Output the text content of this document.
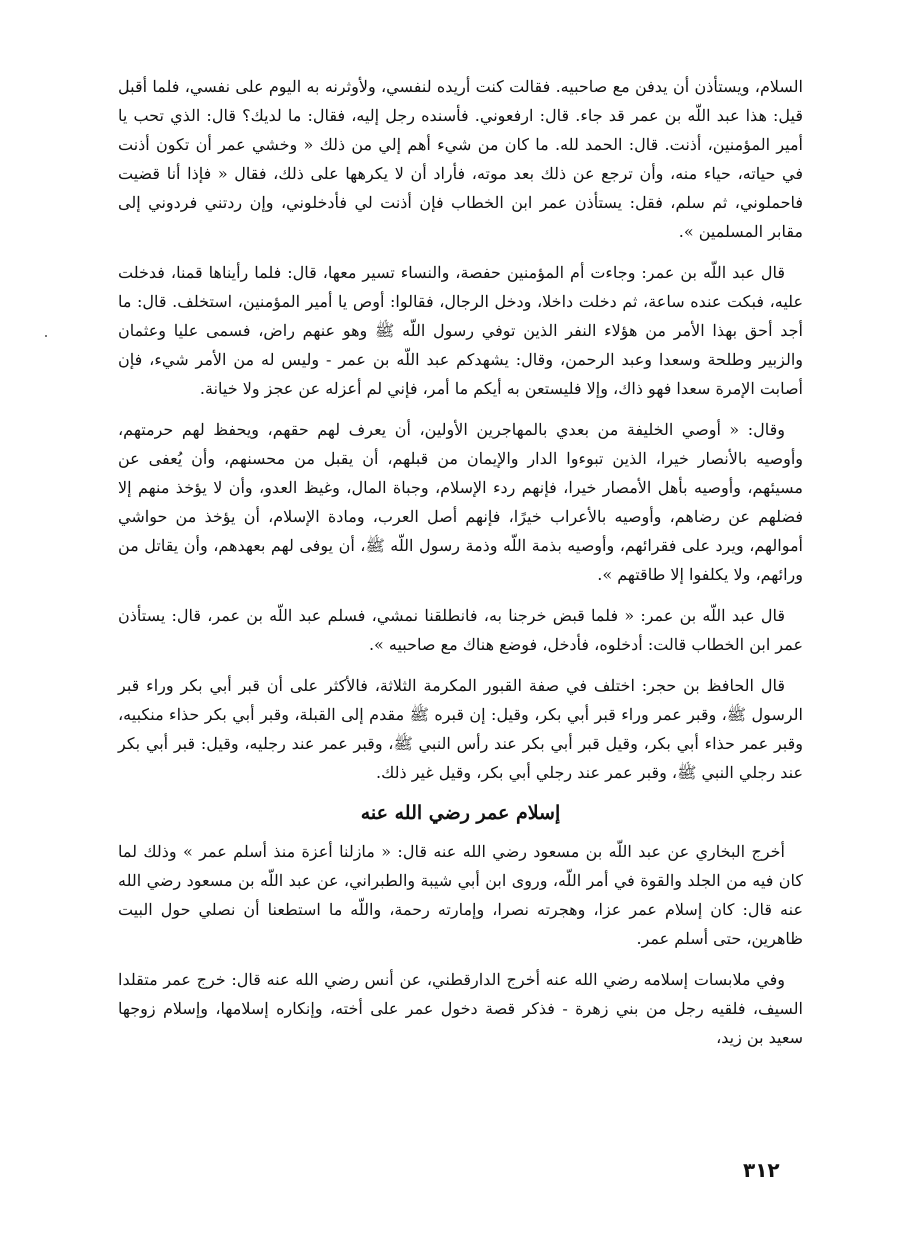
السلام، ويستأذن أن يدفن مع صاحبيه. فقالت كنت أريده لنفسي، ولأوثرنه به اليوم على نفسي، فلما أقبل قيل: هذا عبد اللّه بن عمر قد جاء. قال: ارفعوني. فأسنده رجل إليه، فقال: ما لديك؟ قال: الذي تحب يا أمير المؤمنين، أذنت. قال: الحمد لله. ما كان من شيء أهم إلي من ذلك « وخشي عمر أن تكون أذنت في حياته، حياء منه، وأن ترجع عن ذلك بعد موته، فأراد أن لا يكرهها على ذلك، فقال « فإذا أنا قضيت فاحملوني، ثم سلم، فقل: يستأذن عمر ابن الخطاب فإن أذنت لي فأدخلوني، وإن ردتني فردوني إلى مقابر المسلمين ».

قال عبد اللّه بن عمر: وجاءت أم المؤمنين حفصة، والنساء تسير معها، قال: فلما رأيناها قمنا، فدخلت عليه، فبكت عنده ساعة، ثم دخلت داخلا، ودخل الرجال، فقالوا: أوص يا أمير المؤمنين، استخلف. قال: ما أجد أحق بهذا الأمر من هؤلاء النفر الذين توفي رسول اللّه ﷺ وهو عنهم راض، فسمى عليا وعثمان والزبير وطلحة وسعدا وعبد الرحمن، وقال: يشهدكم عبد اللّه بن عمر - وليس له من الأمر شيء، فإن أصابت الإمرة سعدا فهو ذاك، وإلا فليستعن به أيكم ما أمر، فإني لم أعزله عن عجز ولا خيانة.

وقال: « أوصي الخليفة من بعدي بالمهاجرين الأولين، أن يعرف لهم حقهم، ويحفظ لهم حرمتهم، وأوصيه بالأنصار خيرا، الذين تبوءوا الدار والإيمان من قبلهم، أن يقبل من محسنهم، وأن يُعفى عن مسيئهم، وأوصيه بأهل الأمصار خيرا، فإنهم ردء الإسلام، وجباة المال، وغيظ العدو، وأن لا يؤخذ منهم إلا فضلهم عن رضاهم، وأوصيه بالأعراب خيرًا، فإنهم أصل العرب، ومادة الإسلام، أن يؤخذ من حواشي أموالهم، ويرد على فقرائهم، وأوصيه بذمة اللّه وذمة رسول اللّه ﷺ، أن يوفى لهم بعهدهم، وأن يقاتل من ورائهم، ولا يكلفوا إلا طاقتهم ».

قال عبد اللّه بن عمر: « فلما قبض خرجنا به، فانطلقنا نمشي، فسلم عبد اللّه بن عمر، قال: يستأذن عمر ابن الخطاب قالت: أدخلوه، فأدخل، فوضع هناك مع صاحبيه ».

قال الحافظ بن حجر: اختلف في صفة القبور المكرمة الثلاثة، فالأكثر على أن قبر أبي بكر وراء قبر الرسول ﷺ، وقبر عمر وراء قبر أبي بكر، وقيل: إن قبره ﷺ مقدم إلى القبلة، وقبر أبي بكر حذاء منكبيه، وقبر عمر حذاء أبي بكر، وقيل قبر أبي بكر عند رأس النبي ﷺ، وقبر عمر عند رجليه، وقيل: قبر أبي بكر عند رجلي النبي ﷺ، وقبر عمر عند رجلي أبي بكر، وقيل غير ذلك.

إسلام عمر رضي الله عنه

أخرج البخاري عن عبد اللّه بن مسعود رضي الله عنه قال: « مازلنا أعزة منذ أسلم عمر » وذلك لما كان فيه من الجلد والقوة في أمر اللّه، وروى ابن أبي شيبة والطبراني، عن عبد اللّه بن مسعود رضي الله عنه قال: كان إسلام عمر عزا، وهجرته نصرا، وإمارته رحمة، واللّه ما استطعنا أن نصلي حول البيت ظاهرين، حتى أسلم عمر.

وفي ملابسات إسلامه رضي الله عنه أخرج الدارقطني، عن أنس رضي الله عنه قال: خرج عمر متقلدا السيف، فلقيه رجل من بني زهرة - فذكر قصة دخول عمر على أخته، وإنكاره إسلامها، وإسلام زوجها سعيد بن زيد،

٣١٢
